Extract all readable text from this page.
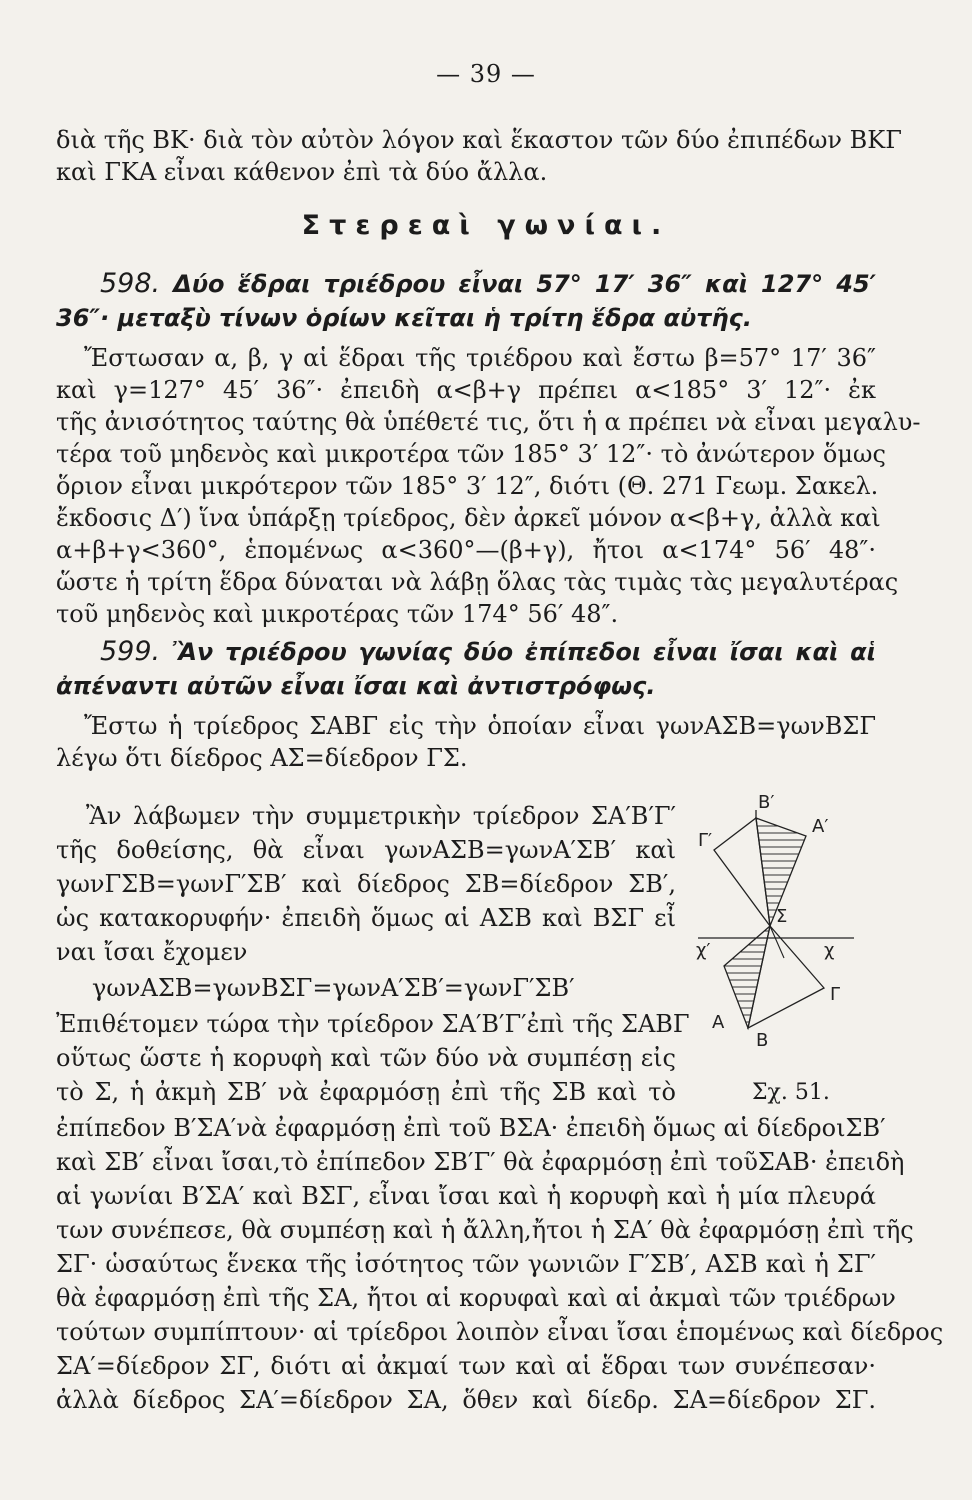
— 39 —
διὰ τῆς ΒΚ· διὰ τὸν αὐτὸν λόγον καὶ ἕκαστον τῶν δύο ἐπιπέδων ΒΚΓ
καὶ ΓΚΑ εἶναι κάθενον ἐπὶ τὰ δύο ἄλλα.
Στερεαὶ γωνίαι.
598. Δύο ἕδραι τριέδρου εἶναι 57° 17′ 36″ καὶ 127° 45′
36″· μεταξὺ τίνων ὁρίων κεῖται ἡ τρίτη ἕδρα αὐτῆς.
Ἔστωσαν α, β, γ αἱ ἕδραι τῆς τριέδρου καὶ ἔστω β=57° 17′ 36″
καὶ γ=127° 45′ 36″· ἐπειδὴ α<β+γ πρέπει α<185° 3′ 12″· ἐκ
τῆς ἀνισότητος ταύτης θὰ ὑπέθετέ τις, ὅτι ἡ α πρέπει νὰ εἶναι μεγαλυ-
τέρα τοῦ μηδενὸς καὶ μικροτέρα τῶν 185° 3′ 12″· τὸ ἀνώτερον ὅμως
ὅριον εἶναι μικρότερον τῶν 185° 3′ 12″, διότι (Θ. 271 Γεωμ. Σακελ.
ἔκδοσις Δ′) ἵνα ὑπάρξῃ τρίεδρος, δὲν ἀρκεῖ μόνον α<β+γ, ἀλλὰ καὶ
α+β+γ<360°, ἑπομένως α<360°—(β+γ), ἤτοι α<174° 56′ 48″·
ὥστε ἡ τρίτη ἕδρα δύναται νὰ λάβῃ ὅλας τὰς τιμὰς τὰς μεγαλυτέρας
τοῦ μηδενὸς καὶ μικροτέρας τῶν 174° 56′ 48″.
599. Ἂν τριέδρου γωνίας δύο ἐπίπεδοι εἶναι ἴσαι καὶ αἱ
ἀπέναντι αὐτῶν εἶναι ἴσαι καὶ ἀντιστρόφως.
Ἔστω ἡ τρίεδρος ΣΑΒΓ εἰς τὴν ὁποίαν εἶναι γωνΑΣΒ=γωνΒΣΓ
λέγω ὅτι δίεδρος ΑΣ=δίεδρον ΓΣ.
Ἂν λάβωμεν τὴν συμμετρικὴν τρίεδρον ΣΑ′Β′Γ′
τῆς δοθείσης, θὰ εἶναι γωνΑΣΒ=γωνΑ′ΣΒ′ καὶ
γωνΓΣΒ=γωνΓ′ΣΒ′ καὶ δίεδρος ΣΒ=δίεδρον ΣΒ′,
ὡς κατακορυφήν· ἐπειδὴ ὅμως αἱ ΑΣΒ καὶ ΒΣΓ εἶ
ναι ἴσαι ἔχομεν
γωνΑΣΒ=γωνΒΣΓ=γωνΑ′ΣΒ′=γωνΓ′ΣΒ′
Ἐπιθέτομεν τώρα τὴν τρίεδρον ΣΑ′Β′Γ′ἐπὶ τῆς ΣΑΒΓ
οὕτως ὥστε ἡ κορυφὴ καὶ τῶν δύο νὰ συμπέσῃ εἰς
τὸ Σ, ἡ ἀκμὴ ΣΒ′ νὰ ἐφαρμόσῃ ἐπὶ τῆς ΣΒ καὶ τὸ
ἐπίπεδον Β′ΣΑ′νὰ ἐφαρμόσῃ ἐπὶ τοῦ ΒΣΑ· ἐπειδὴ ὅμως αἱ δίεδροιΣΒ′
καὶ ΣΒ′ εἶναι ἴσαι,τὸ ἐπίπεδον ΣΒ′Γ′ θὰ ἐφαρμόσῃ ἐπὶ τοῦΣΑΒ· ἐπειδὴ
αἱ γωνίαι Β′ΣΑ′ καὶ ΒΣΓ, εἶναι ἴσαι καὶ ἡ κορυφὴ καὶ ἡ μία πλευρά
των συνέπεσε, θὰ συμπέσῃ καὶ ἡ ἄλλη,ἤτοι ἡ ΣΑ′ θὰ ἐφαρμόσῃ ἐπὶ τῆς
ΣΓ· ὡσαύτως ἕνεκα τῆς ἰσότητος τῶν γωνιῶν Γ′ΣΒ′, ΑΣΒ καὶ ἡ ΣΓ′
θὰ ἐφαρμόσῃ ἐπὶ τῆς ΣΑ, ἤτοι αἱ κορυφαὶ καὶ αἱ ἀκμαὶ τῶν τριέδρων
τούτων συμπίπτουν· αἱ τρίεδροι λοιπὸν εἶναι ἴσαι ἑπομένως καὶ δίεδρος
ΣΑ′=δίεδρον ΣΓ, διότι αἱ ἀκμαί των καὶ αἱ ἕδραι των συνέπεσαν·
ἀλλὰ δίεδρος ΣΑ′=δίεδρον ΣΑ, ὅθεν καὶ δίεδρ. ΣΑ=δίεδρον ΣΓ.
Β′
Α′
Γ′
Σ
χ′	χ
Α
Β
Γ
Σχ. 51.
